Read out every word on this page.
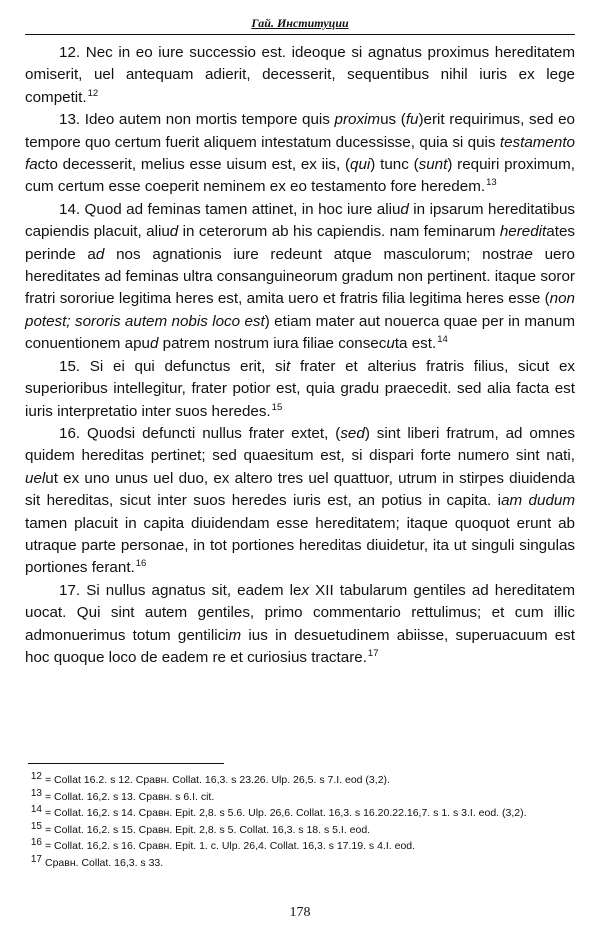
Гай. Институции

12. Nec in eo iure successio est. ideoque si agnatus proximus hereditatem omiserit, uel antequam adierit, decesserit, sequentibus nihil iuris ex lege competit.$^{12}$

13. Ideo autem non mortis tempore quis proximus (fu)erit requirimus, sed eo tempore quo certum fuerit aliquem intestatum ducessisse, quia si quis testamento facto decesserit, melius esse uisum est, ex iis, (qui) tunc (sunt) requiri proximum, cum certum esse coeperit neminem ex eo testamento fore heredem.$^{13}$

14. Quod ad feminas tamen attinet, in hoc iure aliud in ipsarum hereditatibus capiendis placuit, aliud in ceterorum ab his capiendis. nam feminarum hereditates perinde ad nos agnationis iure redeunt atque masculorum; nostrae uero hereditates ad feminas ultra consanguineorum gradum non pertinent. itaque soror fratri sororiue legitima heres est, amita uero et fratris filia legitima heres esse (non potest; sororis autem nobis loco est) etiam mater aut nouerca quae per in manum conuentionem apud patrem nostrum iura filiae consecuta est.$^{14}$

15. Si ei qui defunctus erit, sit frater et alterius fratris filius, sicut ex superioribus intellegitur, frater potior est, quia gradu praecedit. sed alia facta est iuris interpretatio inter suos heredes.$^{15}$

16. Quodsi defuncti nullus frater extet, (sed) sint liberi fratrum, ad omnes quidem hereditas pertinet; sed quaesitum est, si dispari forte numero sint nati, uelut ex uno unus uel duo, ex altero tres uel quattuor, utrum in stirpes diuidenda sit hereditas, sicut inter suos heredes iuris est, an potius in capita. iam dudum tamen placuit in capita diuidendam esse hereditatem; itaque quoquot erunt ab utraque parte personae, in tot portiones hereditas diuidetur, ita ut singuli singulas portiones ferant.$^{16}$

17. Si nullus agnatus sit, eadem lex XII tabularum gentiles ad hereditatem uocat. Qui sint autem gentiles, primo commentario rettulimus; et cum illic admonuerimus totum gentilicim ius in desuetudinem abiisse, superuacuum est hoc quoque loco de eadem re et curiosius tractare.$^{17}$

$^{12}$ = Collat 16.2. s 12. Сравн. Collat. 16,3. s 23.26. Ulp. 26,5. s 7.I. eod (3,2).

$^{13}$ = Collat. 16,2. s 13. Сравн. s 6.I. cit.

$^{14}$ = Collat. 16,2. s 14. Сравн. Epit. 2,8. s 5.6. Ulp. 26,6. Collat. 16,3. s 16.20.22.16,7. s 1. s 3.I. eod. (3,2).

$^{15}$ = Collat. 16,2. s 15. Сравн. Epit. 2,8. s 5. Collat. 16,3. s 18. s 5.I. eod.

$^{16}$ = Collat. 16,2. s 16. Сравн. Epit. 1. c. Ulp. 26,4. Collat. 16,3. s 17.19. s 4.I. eod.

$^{17}$ Сравн. Collat. 16,3. s 33.

178
